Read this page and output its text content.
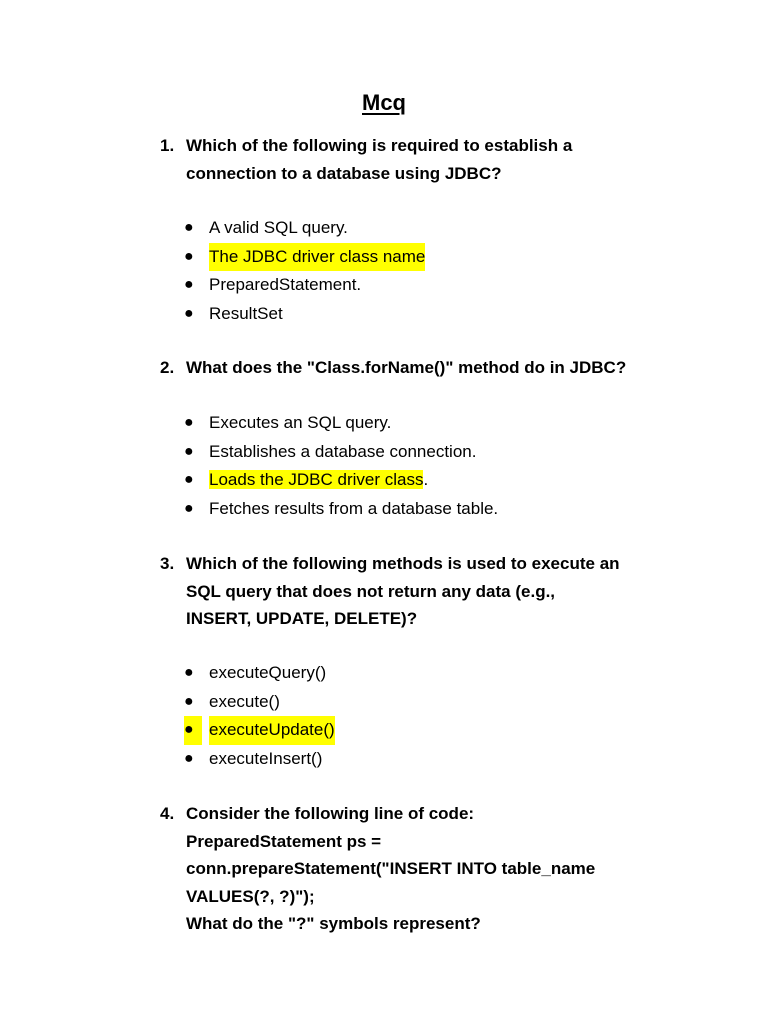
Mcq
1. Which of the following is required to establish a
connection to a database using JDBC?
● A valid SQL query.
● The JDBC driver class name
● PreparedStatement.
● ResultSet
2. What does the "Class.forName()" method do in JDBC?
● Executes an SQL query.
● Establishes a database connection.
● Loads the JDBC driver class.
● Fetches results from a database table.
3. Which of the following methods is used to execute an
SQL query that does not return any data (e.g.,
INSERT, UPDATE, DELETE)?
● executeQuery()
● execute()
● executeUpdate()
● executeInsert()
4. Consider the following line of code:
PreparedStatement ps =
conn.prepareStatement("INSERT INTO table_name
VALUES(?, ?)");
What do the "?" symbols represent?
